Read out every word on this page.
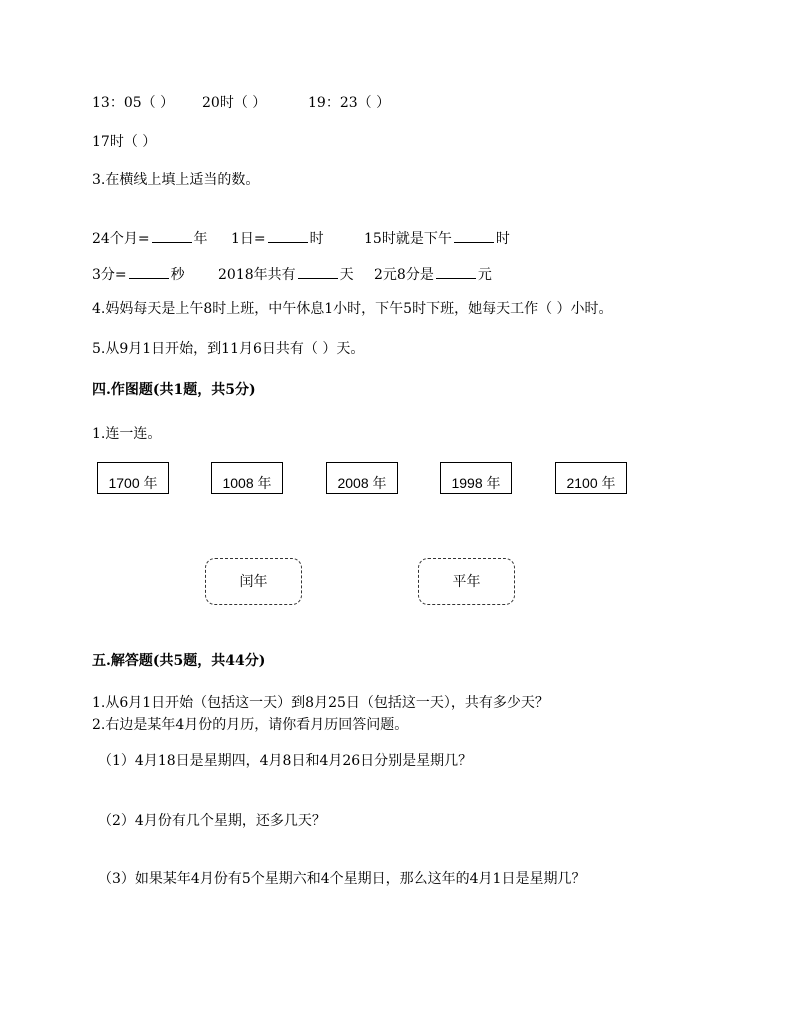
13：05（ ） 20时（ ）	19：23（ ）
17时（ ）
3.在横线上填上适当的数。
24个月=	年 1日=	时	15时就是下午	时
3分=	秒 2018年共有	天 2元8分是	元
4.妈妈每天是上午8时上班，中午休息1小时，下午5时下班，她每天工作（ ）小时。
5.从9月1日开始，到11月6日共有（ ）天。
四.作图题(共1题，共5分)
1.连一连。
1700 年	1008 年	2008 年	1998 年	2100 年
闰年	平年
五.解答题(共5题，共44分)
1.从6月1日开始（包括这一天）到8月25日（包括这一天），共有多少天？
2.右边是某年4月份的月历，请你看月历回答问题。
（1）4月18日是星期四，4月8日和4月26日分别是星期几？
（2）4月份有几个星期，还多几天？
（3）如果某年4月份有5个星期六和4个星期日，那么这年的4月1日是星期几？
